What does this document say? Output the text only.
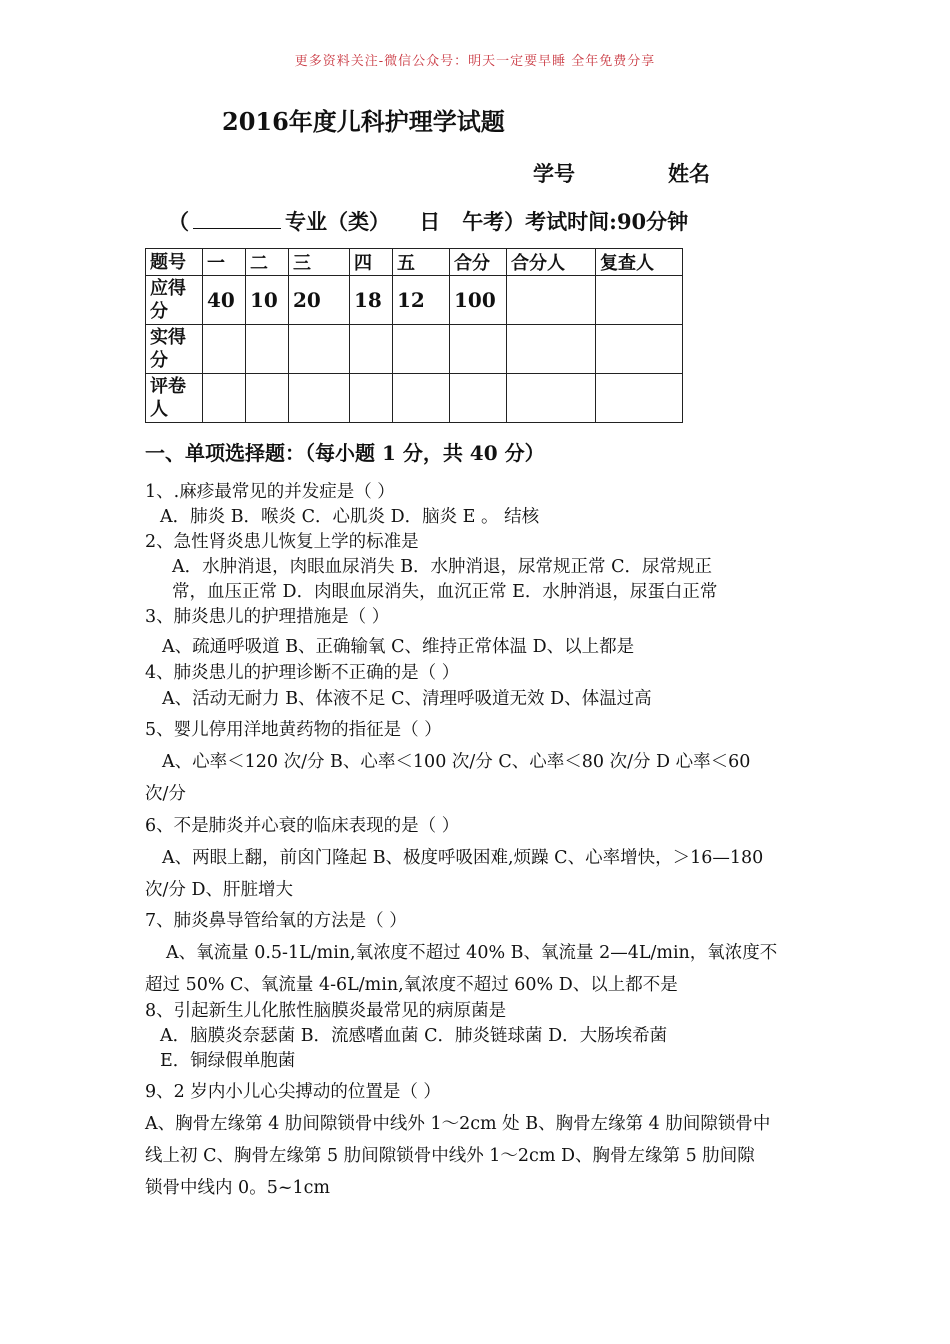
更多资料关注-微信公众号：明天一定要早睡 全年免费分享
2016年度儿科护理学试题
学号	姓名
（	专业（类） 日 午考）考试时间:90分钟
题号	一	二	三	四	五	合分	合分人	复查人
应得分	40	10	20	18	12	100		
实得分								
评卷人								
一、单项选择题：（每小题 1 分，共 40 分）
1、.麻疹最常见的并发症是（ ）
A．肺炎 B．喉炎 C．心肌炎 D．脑炎 E 。 结核
2、急性肾炎患儿恢复上学的标准是
A．水肿消退，肉眼血尿消失 B．水肿消退，尿常规正常 C．尿常规正
常，血压正常 D．肉眼血尿消失，血沉正常 E．水肿消退，尿蛋白正常
3、肺炎患儿的护理措施是（ ）
A、疏通呼吸道 B、正确输氧 C、维持正常体温 D、以上都是
4、肺炎患儿的护理诊断不正确的是（ ）
A、活动无耐力 B、体液不足 C、清理呼吸道无效 D、体温过高
5、婴儿停用洋地黄药物的指征是（ ）
A、心率＜120 次/分 B、心率＜100 次/分 C、心率＜80 次/分 D 心率＜60
次/分
6、不是肺炎并心衰的临床表现的是（ ）
A、两眼上翻，前囟门隆起 B、极度呼吸困难,烦躁 C、心率增快，＞16—180
次/分 D、肝脏增大
7、肺炎鼻导管给氧的方法是（ ）
A、氧流量 0.5-1L/min,氧浓度不超过 40% B、氧流量 2—4L/min，氧浓度不
超过 50% C、氧流量 4-6L/min,氧浓度不超过 60% D、以上都不是
8、引起新生儿化脓性脑膜炎最常见的病原菌是
A．脑膜炎奈瑟菌 B．流感嗜血菌 C．肺炎链球菌 D．大肠埃希菌
E．铜绿假单胞菌
9、2 岁内小儿心尖搏动的位置是（ ）
A、胸骨左缘第 4 肋间隙锁骨中线外 1～2cm 处 B、胸骨左缘第 4 肋间隙锁骨中
线上初 C、胸骨左缘第 5 肋间隙锁骨中线外 1～2cm D、胸骨左缘第 5 肋间隙
锁骨中线内 0。5~1cm
